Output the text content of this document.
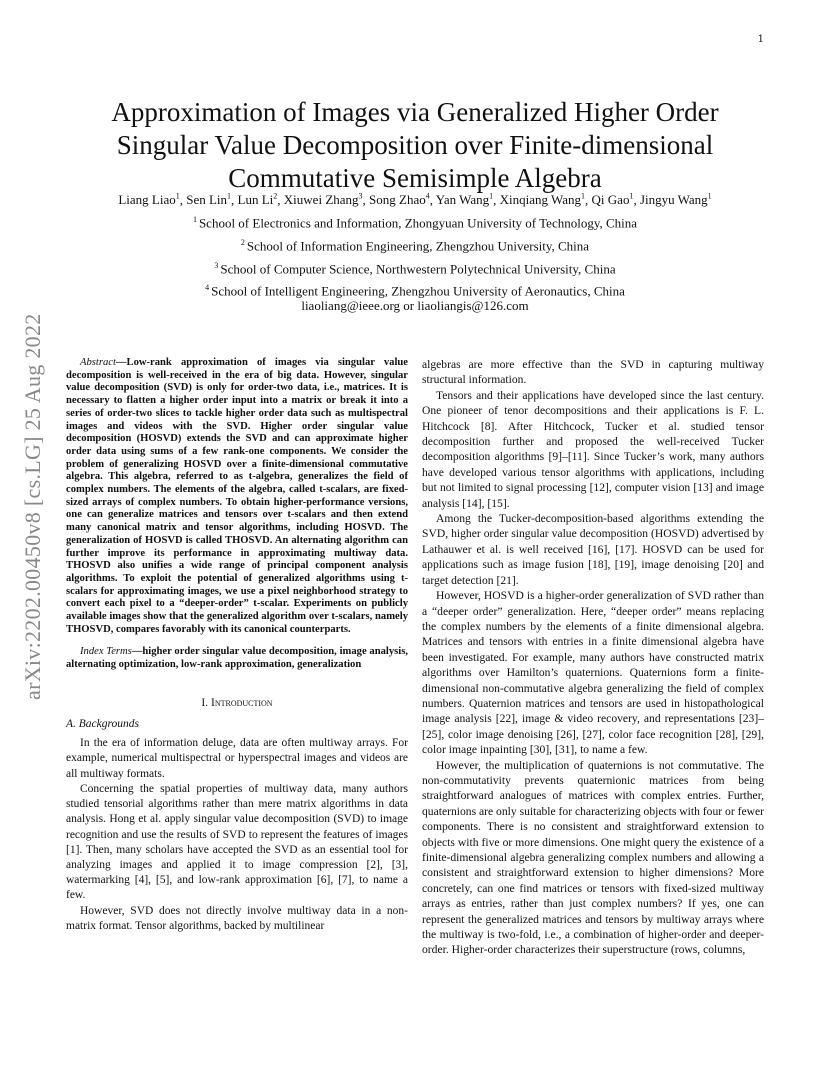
1
arXiv:2202.00450v8 [cs.LG] 25 Aug 2022
Approximation of Images via Generalized Higher Order
Singular Value Decomposition over Finite-dimensional
Commutative Semisimple Algebra
Liang Liao$^1$, Sen Lin$^1$, Lun Li$^2$, Xiuwei Zhang$^3$, Song Zhao$^4$, Yan Wang$^1$, Xinqiang Wang$^1$, Qi Gao$^1$, Jingyu Wang$^1$
$^1$ School of Electronics and Information, Zhongyuan University of Technology, China
$^2$ School of Information Engineering, Zhengzhou University, China
$^3$ School of Computer Science, Northwestern Polytechnical University, China
$^4$ School of Intelligent Engineering, Zhengzhou University of Aeronautics, China
liaoliang@ieee.org or liaoliangis@126.com

Abstract—Low-rank approximation of images via singular value decomposition is well-received in the era of big data. However, singular value decomposition (SVD) is only for order-two data, i.e., matrices. It is necessary to flatten a higher order input into a matrix or break it into a series of order-two slices to tackle higher order data such as multispectral images and videos with the SVD. Higher order singular value decomposition (HOSVD) extends the SVD and can approximate higher order data using sums of a few rank-one components. We consider the problem of generalizing HOSVD over a finite-dimensional commutative algebra. This algebra, referred to as t-algebra, generalizes the field of complex numbers. The elements of the algebra, called t-scalars, are fixed-sized arrays of complex numbers. To obtain higher-performance versions, one can generalize matrices and tensors over t-scalars and then extend many canonical matrix and tensor algorithms, including HOSVD. The generalization of HOSVD is called THOSVD. An alternating algorithm can further improve its performance in approximating multiway data. THOSVD also unifies a wide range of principal component analysis algorithms. To exploit the potential of generalized algorithms using t-scalars for approximating images, we use a pixel neighborhood strategy to convert each pixel to a “deeper-order” t-scalar. Experiments on publicly available images show that the generalized algorithm over t-scalars, namely THOSVD, compares favorably with its canonical counterparts.

Index Terms—higher order singular value decomposition, image analysis, alternating optimization, low-rank approximation, generalization

I. Introduction
A. Backgrounds

In the era of information deluge, data are often multiway arrays. For example, numerical multispectral or hyperspectral images and videos are all multiway formats.

Concerning the spatial properties of multiway data, many authors studied tensorial algorithms rather than mere matrix algorithms in data analysis. Hong et al. apply singular value decomposition (SVD) to image recognition and use the results of SVD to represent the features of images [1]. Then, many scholars have accepted the SVD as an essential tool for analyzing images and applied it to image compression [2], [3], watermarking [4], [5], and low-rank approximation [6], [7], to name a few.

However, SVD does not directly involve multiway data in a non-matrix format. Tensor algorithms, backed by multilinear

algebras are more effective than the SVD in capturing multiway structural information.

Tensors and their applications have developed since the last century. One pioneer of tenor decompositions and their applications is F. L. Hitchcock [8]. After Hitchcock, Tucker et al. studied tensor decomposition further and proposed the well-received Tucker decomposition algorithms [9]–[11]. Since Tucker’s work, many authors have developed various tensor algorithms with applications, including but not limited to signal processing [12], computer vision [13] and image analysis [14], [15].

Among the Tucker-decomposition-based algorithms extending the SVD, higher order singular value decomposition (HOSVD) advertised by Lathauwer et al. is well received [16], [17]. HOSVD can be used for applications such as image fusion [18], [19], image denoising [20] and target detection [21].

However, HOSVD is a higher-order generalization of SVD rather than a “deeper order” generalization. Here, “deeper order” means replacing the complex numbers by the elements of a finite dimensional algebra. Matrices and tensors with entries in a finite dimensional algebra have been investigated. For example, many authors have constructed matrix algorithms over Hamilton’s quaternions. Quaternions form a finite-dimensional non-commutative algebra generalizing the field of complex numbers. Quaternion matrices and tensors are used in histopathological image analysis [22], image & video recovery, and representations [23]–[25], color image denoising [26], [27], color face recognition [28], [29], color image inpainting [30], [31], to name a few.

However, the multiplication of quaternions is not commutative. The non-commutativity prevents quaternionic matrices from being straightforward analogues of matrices with complex entries. Further, quaternions are only suitable for characterizing objects with four or fewer components. There is no consistent and straightforward extension to objects with five or more dimensions. One might query the existence of a finite-dimensional algebra generalizing complex numbers and allowing a consistent and straightforward extension to higher dimensions? More concretely, can one find matrices or tensors with fixed-sized multiway arrays as entries, rather than just complex numbers? If yes, one can represent the generalized matrices and tensors by multiway arrays where the multiway is two-fold, i.e., a combination of higher-order and deeper-order. Higher-order characterizes their superstructure (rows, columns,
